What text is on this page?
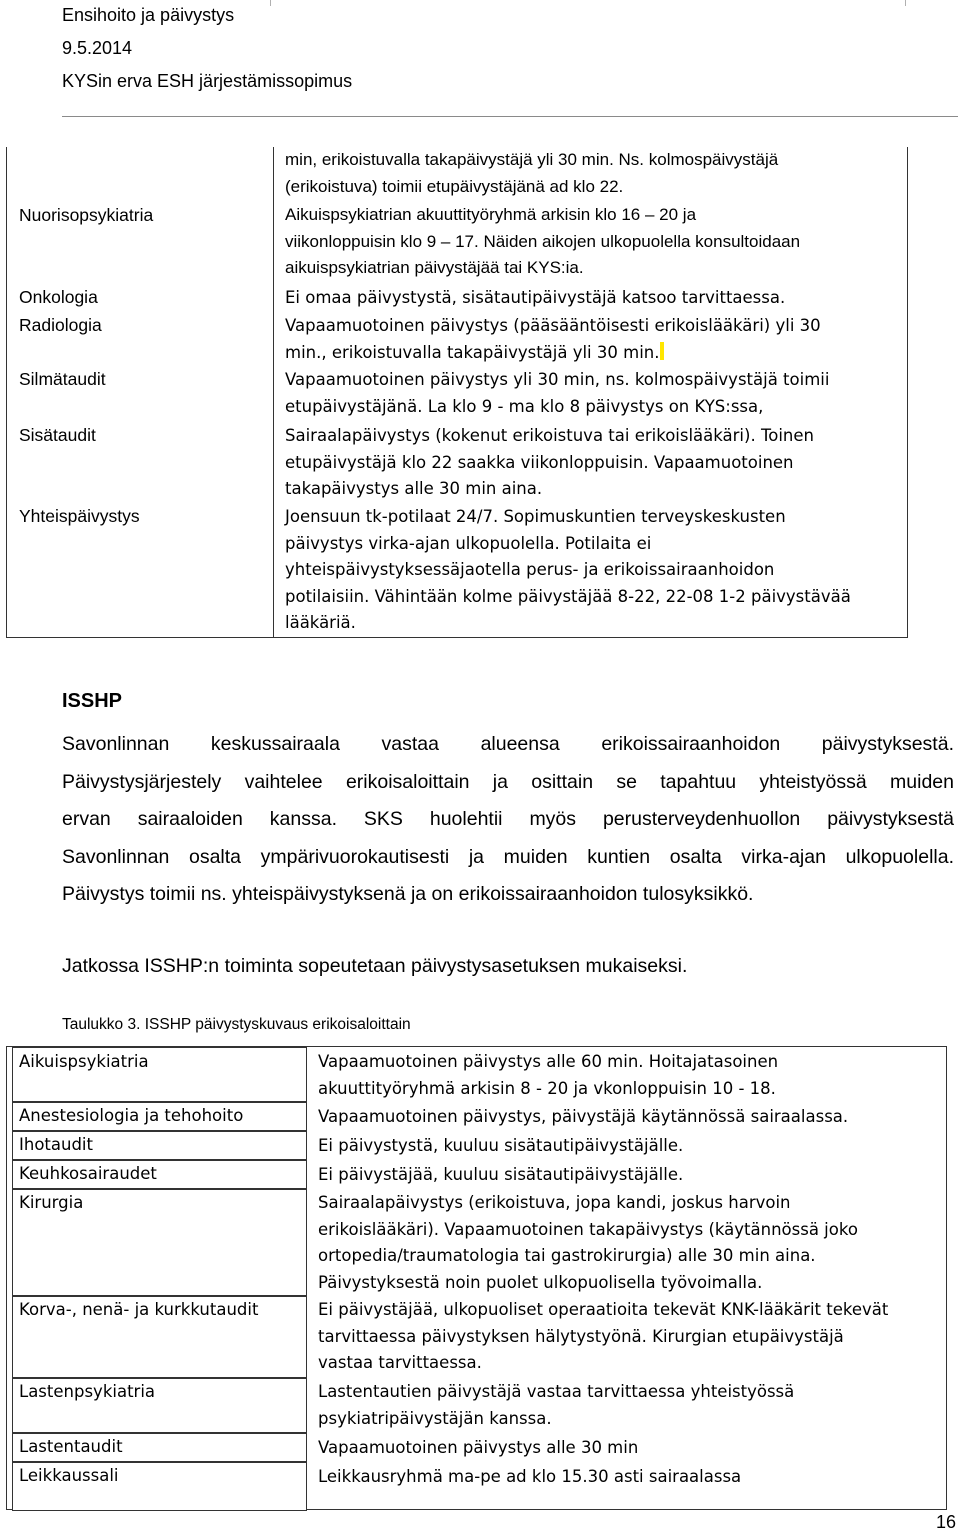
Ensihoito ja päivystys
9.5.2014
KYSin erva ESH järjestämissopimus
min, erikoistuvalla takapäivystäjä yli 30 min. Ns. kolmospäivystäjä
(erikoistuva) toimii etupäivystäjänä ad klo 22.
Nuorisopsykiatria	Aikuispsykiatrian akuuttityöryhmä arkisin klo 16 – 20 ja
viikonloppuisin klo 9 – 17. Näiden aikojen ulkopuolella konsultoidaan
aikuispsykiatrian päivystäjää tai KYS:ia.
Onkologia	Ei omaa päivystystä, sisätautipäivystäjä katsoo tarvittaessa.
Radiologia	Vapaamuotoinen päivystys (pääsääntöisesti erikoislääkäri) yli 30
min., erikoistuvalla takapäivystäjä yli 30 min.
Silmätaudit	Vapaamuotoinen päivystys yli 30 min, ns. kolmospäivystäjä toimii
etupäivystäjänä. La klo 9 - ma klo 8 päivystys on KYS:ssa,
Sisätaudit	Sairaalapäivystys (kokenut erikoistuva tai erikoislääkäri). Toinen
etupäivystäjä klo 22 saakka viikonloppuisin. Vapaamuotoinen
takapäivystys alle 30 min aina.
Yhteispäivystys	Joensuun tk-potilaat 24/7. Sopimuskuntien terveyskeskusten
päivystys virka-ajan ulkopuolella. Potilaita ei
yhteispäivystyksessäjaotella perus- ja erikoissairaanhoidon
potilaisiin. Vähintään kolme päivystäjää 8-22, 22-08 1-2 päivystävää
lääkäriä.
ISSHP
Savonlinnan keskussairaala vastaa alueensa erikoissairaanhoidon päivystyksestä.
Päivystysjärjestely vaihtelee erikoisaloittain ja osittain se tapahtuu yhteistyössä muiden
ervan sairaaloiden kanssa. SKS huolehtii myös perusterveydenhuollon päivystyksestä
Savonlinnan osalta ympärivuorokautisesti ja muiden kuntien osalta virka-ajan ulkopuolella.
Päivystys toimii ns. yhteispäivystyksenä ja on erikoissairaanhoidon tulosyksikkö.
Jatkossa ISSHP:n toiminta sopeutetaan päivystysasetuksen mukaiseksi.
Taulukko 3. ISSHP päivystyskuvaus erikoisaloittain
Aikuispsykiatria	Vapaamuotoinen päivystys alle 60 min. Hoitajatasoinen
akuuttityöryhmä arkisin 8 - 20 ja vkonloppuisin 10 - 18.
Anestesiologia ja tehohoito	Vapaamuotoinen päivystys, päivystäjä käytännössä sairaalassa.
Ihotaudit	Ei päivystystä, kuuluu sisätautipäivystäjälle.
Keuhkosairaudet	Ei päivystäjää, kuuluu sisätautipäivystäjälle.
Kirurgia	Sairaalapäivystys (erikoistuva, jopa kandi, joskus harvoin
erikoislääkäri). Vapaamuotoinen takapäivystys (käytännössä joko
ortopedia/traumatologia tai gastrokirurgia) alle 30 min aina.
Päivystyksestä noin puolet ulkopuolisella työvoimalla.
Korva-, nenä- ja kurkkutaudit	Ei päivystäjää, ulkopuoliset operaatioita tekevät KNK-lääkärit tekevät
tarvittaessa päivystyksen hälytystyönä. Kirurgian etupäivystäjä
vastaa tarvittaessa.
Lastenpsykiatria	Lastentautien päivystäjä vastaa tarvittaessa yhteistyössä
psykiatripäivystäjän kanssa.
Lastentaudit	Vapaamuotoinen päivystys alle 30 min
Leikkaussali	Leikkausryhmä ma-pe ad klo 15.30 asti sairaalassa
16
